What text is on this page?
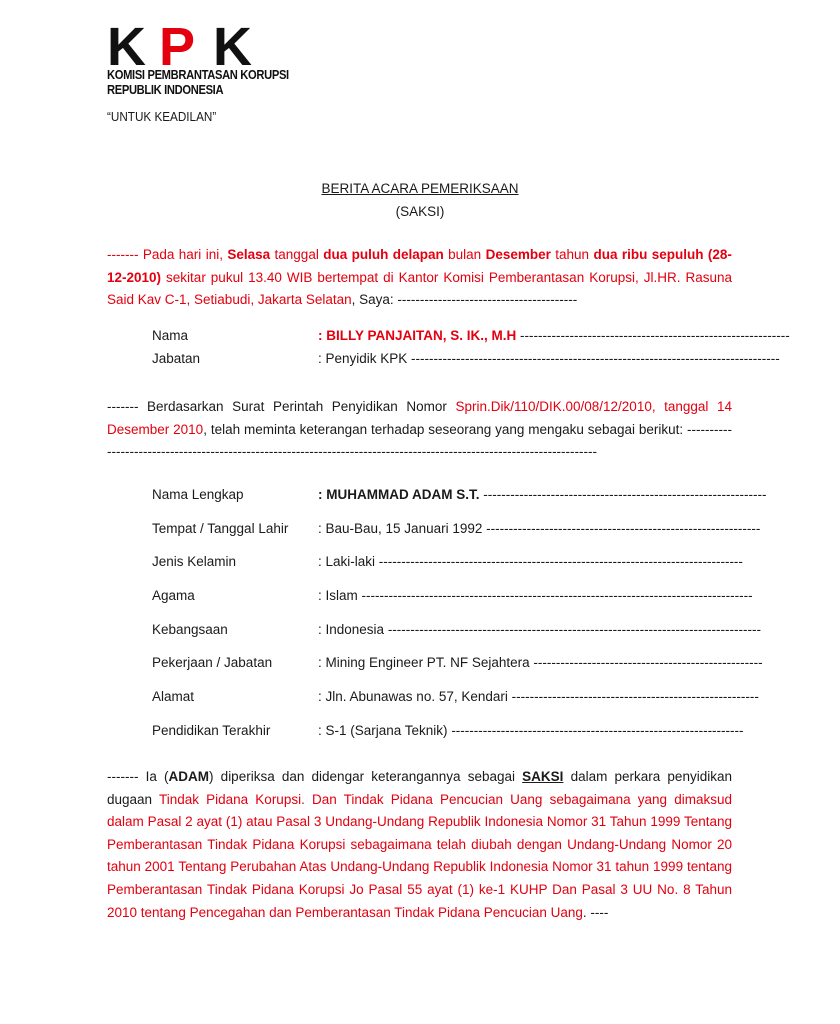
K P K
KOMISI PEMBRANTASAN KORUPSI
REPUBLIK INDONESIA
“UNTUK KEADILAN”
BERITA ACARA PEMERIKSAAN
(SAKSI)
------- Pada hari ini, Selasa tanggal dua puluh delapan bulan Desember tahun dua ribu sepuluh (28-12-2010) sekitar pukul 13.40 WIB bertempat di Kantor Komisi Pemberantasan Korupsi, Jl.HR. Rasuna Said Kav C-1, Setiabudi, Jakarta Selatan, Saya: ----------------------------------------
Nama	: BILLY PANJAITAN, S. IK., M.H ------------------------------------------------------------
Jabatan	: Penyidik KPK ----------------------------------------------------------------------------------
------- Berdasarkan Surat Perintah Penyidikan Nomor Sprin.Dik/110/DIK.00/08/12/2010, tanggal 14 Desember 2010, telah meminta keterangan terhadap seseorang yang mengaku sebagai berikut: -----------------------------------------------------------------------------------------------------------------------
Nama Lengkap	: MUHAMMAD ADAM S.T. ---------------------------------------------------------------
Tempat / Tanggal Lahir : Bau-Bau, 15 Januari 1992 -------------------------------------------------------------
Jenis Kelamin	: Laki-laki ---------------------------------------------------------------------------------
Agama	: Islam ---------------------------------------------------------------------------------------
Kebangsaan	: Indonesia -----------------------------------------------------------------------------------
Pekerjaan / Jabatan	: Mining Engineer PT. NF Sejahtera ---------------------------------------------------
Alamat	: Jln. Abunawas no. 57, Kendari -------------------------------------------------------
Pendidikan Terakhir	: S-1 (Sarjana Teknik) -----------------------------------------------------------------
------- Ia (ADAM) diperiksa dan didengar keterangannya sebagai SAKSI dalam perkara penyidikan dugaan Tindak Pidana Korupsi. Dan Tindak Pidana Pencucian Uang sebagaimana yang dimaksud dalam Pasal 2 ayat (1) atau Pasal 3 Undang-Undang Republik Indonesia Nomor 31 Tahun 1999 Tentang Pemberantasan Tindak Pidana Korupsi sebagaimana telah diubah dengan Undang-Undang Nomor 20 tahun 2001 Tentang Perubahan Atas Undang-Undang Republik Indonesia Nomor 31 tahun 1999 tentang Pemberantasan Tindak Pidana Korupsi Jo Pasal 55 ayat (1) ke-1 KUHP Dan Pasal 3 UU No. 8 Tahun 2010 tentang Pencegahan dan Pemberantasan Tindak Pidana Pencucian Uang. ----
